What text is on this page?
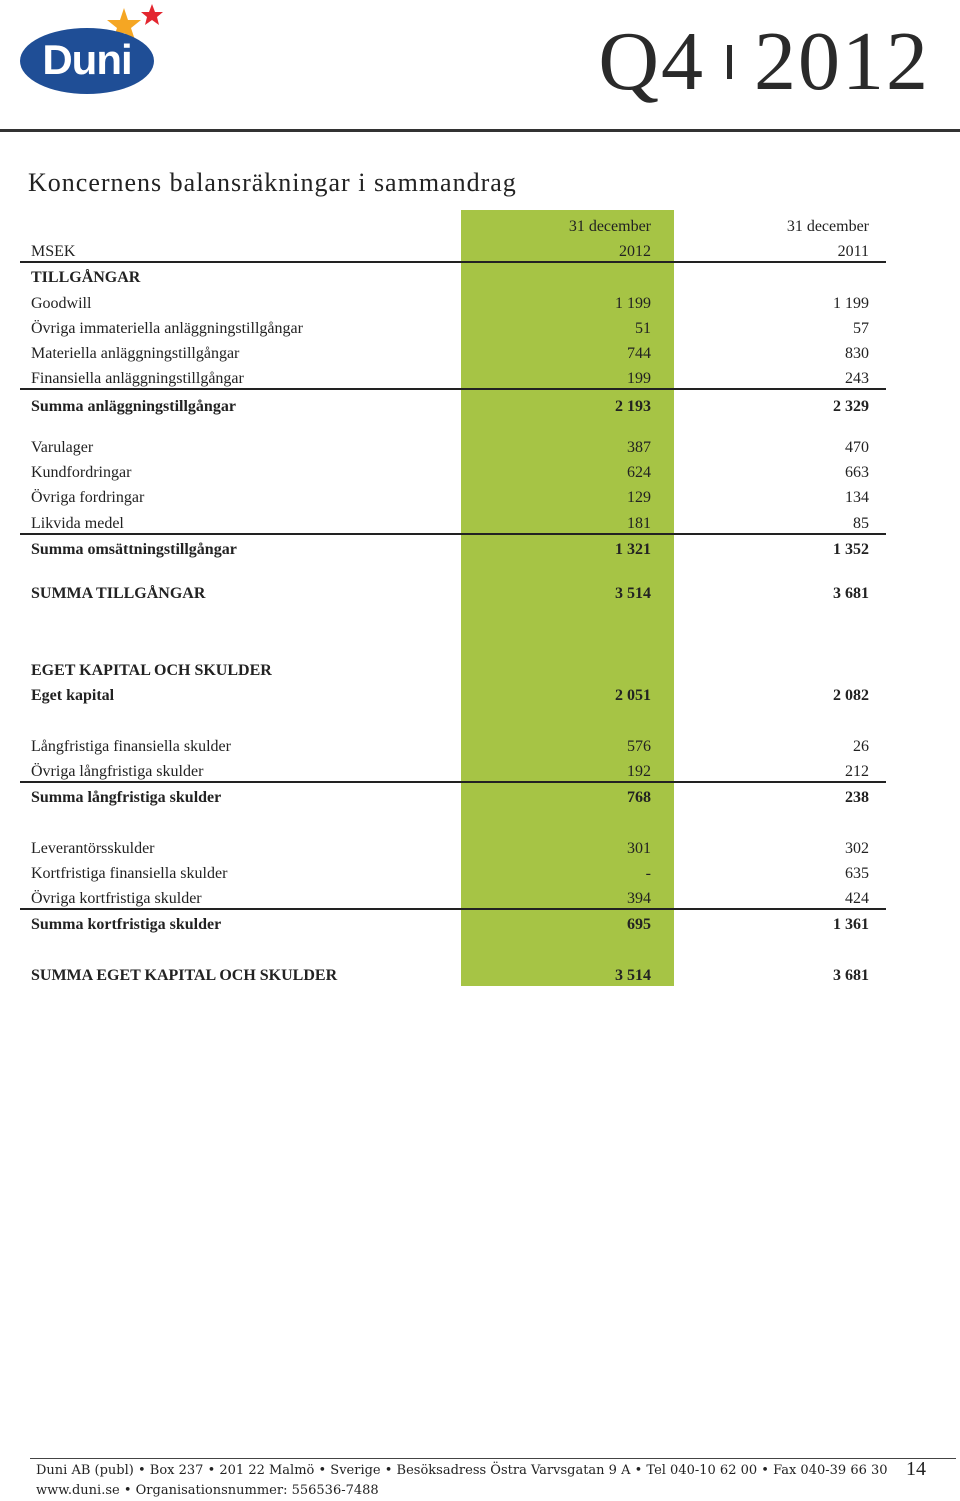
Duni	Q4 2012
Koncernens balansräkningar i sammandrag
31 december	31 december
MSEK	2012	2011
TILLGÅNGAR
Goodwill	1 199	1 199
Övriga immateriella anläggningstillgångar	51	57
Materiella anläggningstillgångar	744	830
Finansiella anläggningstillgångar	199	243
Summa anläggningstillgångar	2 193	2 329
Varulager	387	470
Kundfordringar	624	663
Övriga fordringar	129	134
Likvida medel	181	85
Summa omsättningstillgångar	1 321	1 352
SUMMA TILLGÅNGAR	3 514	3 681
EGET KAPITAL OCH SKULDER
Eget kapital	2 051	2 082
Långfristiga finansiella skulder	576	26
Övriga långfristiga skulder	192	212
Summa långfristiga skulder	768	238
Leverantörsskulder	301	302
Kortfristiga finansiella skulder	-	635
Övriga kortfristiga skulder	394	424
Summa kortfristiga skulder	695	1 361
SUMMA EGET KAPITAL OCH SKULDER	3 514	3 681
Duni AB (publ) • Box 237 • 201 22 Malmö • Sverige • Besöksadress Östra Varvsgatan 9 A • Tel 040-10 62 00 • Fax 040-39 66 30
www.duni.se • Organisationsnummer: 556536-7488
14
